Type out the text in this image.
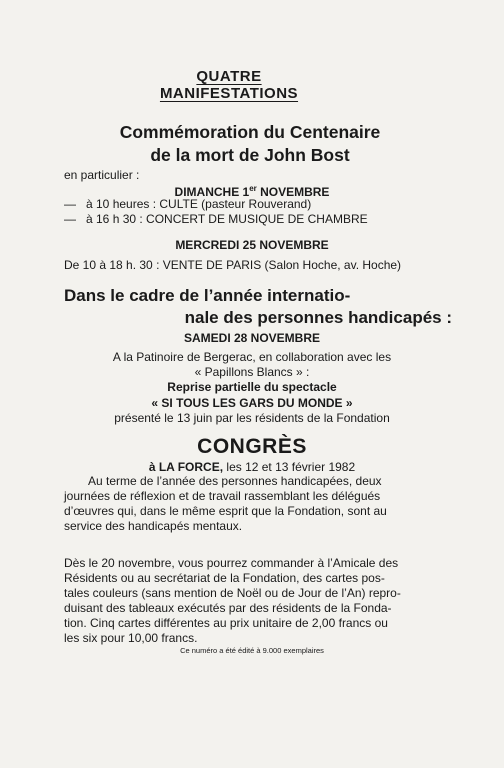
QUATRE MANIFESTATIONS
Commémoration du Centenaire
de la mort de John Bost
en particulier :
DIMANCHE 1er NOVEMBRE
— à 10 heures : CULTE (pasteur Rouverand)
— à 16 h 30 : CONCERT DE MUSIQUE DE CHAMBRE
MERCREDI 25 NOVEMBRE
De 10 à 18 h. 30 : VENTE DE PARIS (Salon Hoche, av. Hoche)
Dans le cadre de l’année internatio-
nale des personnes handicapés :
SAMEDI 28 NOVEMBRE
A la Patinoire de Bergerac, en collaboration avec les
« Papillons Blancs » :
Reprise partielle du spectacle
« SI TOUS LES GARS DU MONDE »
présenté le 13 juin par les résidents de la Fondation
CONGRÈS
à LA FORCE, les 12 et 13 février 1982
Au terme de l’année des personnes handicapées, deux
journées de réflexion et de travail rassemblant les délégués
d’œuvres qui, dans le même esprit que la Fondation, sont au
service des handicapés mentaux.
Dès le 20 novembre, vous pourrez commander à l’Amicale des
Résidents ou au secrétariat de la Fondation, des cartes pos-
tales couleurs (sans mention de Noël ou de Jour de l’An) repro-
duisant des tableaux exécutés par des résidents de la Fonda-
tion. Cinq cartes différentes au prix unitaire de 2,00 francs ou
les six pour 10,00 francs.
Ce numéro a été édité à 9.000 exemplaires
